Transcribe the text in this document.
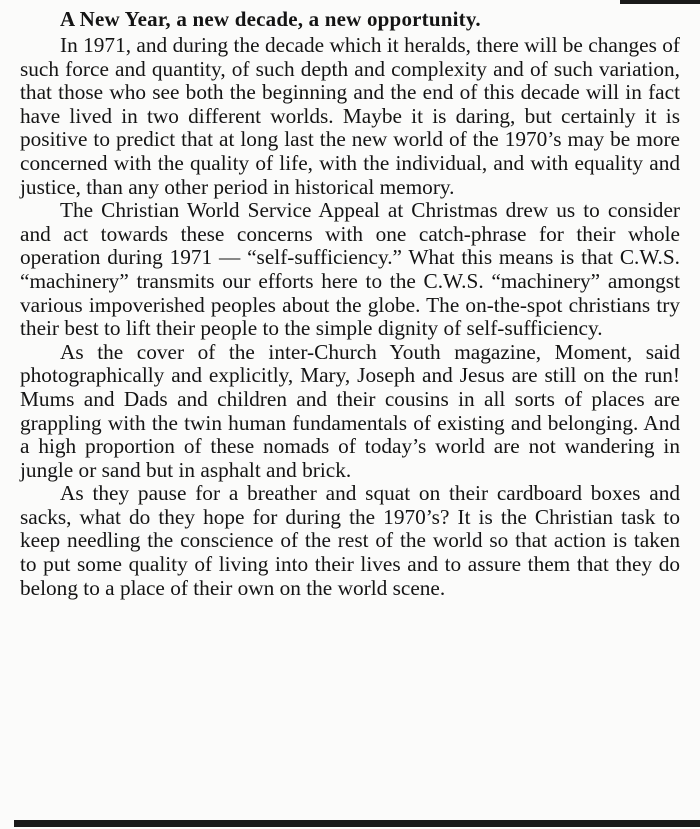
A New Year, a new decade, a new opportunity.

In 1971, and during the decade which it heralds, there will be changes of such force and quantity, of such depth and complexity and of such variation, that those who see both the beginning and the end of this decade will in fact have lived in two different worlds. Maybe it is daring, but certainly it is positive to predict that at long last the new world of the 1970’s may be more concerned with the quality of life, with the individual, and with equality and justice, than any other period in historical memory.

The Christian World Service Appeal at Christmas drew us to consider and act towards these concerns with one catch-phrase for their whole operation during 1971 — “self-sufficiency.” What this means is that C.W.S. “machinery” transmits our efforts here to the C.W.S. “machinery” amongst various impoverished peoples about the globe. The on-the-spot christians try their best to lift their people to the simple dignity of self-sufficiency.

As the cover of the inter-Church Youth magazine, Moment, said photographically and explicitly, Mary, Joseph and Jesus are still on the run! Mums and Dads and children and their cousins in all sorts of places are grappling with the twin human fundamentals of existing and belonging. And a high proportion of these nomads of today’s world are not wandering in jungle or sand but in asphalt and brick.

As they pause for a breather and squat on their cardboard boxes and sacks, what do they hope for during the 1970’s? It is the Christian task to keep needling the conscience of the rest of the world so that action is taken to put some quality of living into their lives and to assure them that they do belong to a place of their own on the world scene.
